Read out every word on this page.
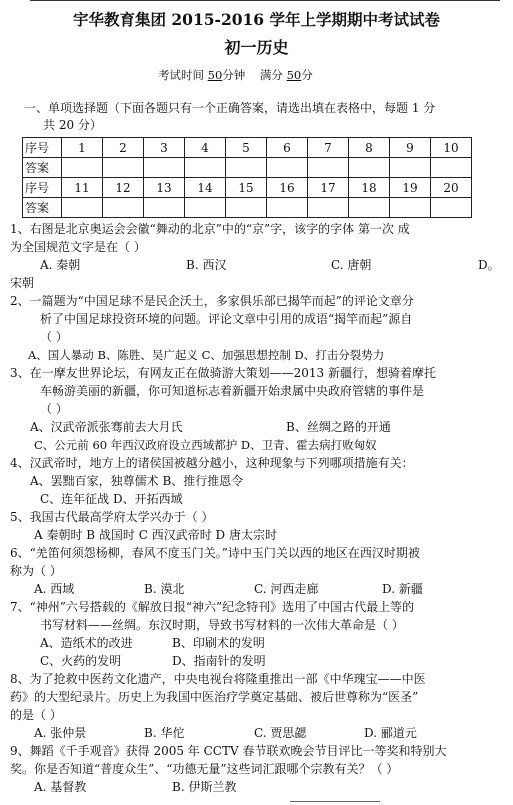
宇华教育集团 2015-2016 学年上学期期中考试试卷
初一历史
考试时间 50分钟 满分 50分
一、单项选择题（下面各题只有一个正确答案，请选出填在表格中，每题 1 分
共 20 分）
序号	1	2	3	4	5	6	7	8	9	10
答案										
序号	11	12	13	14	15	16	17	18	19	20
答案										
1、右图是北京奥运会会徽“舞动的北京”中的“京”字，该字的字体 第一次 成
为全国规范文字是在（ ）
A. 秦朝	B. 西汉	C. 唐朝	D。
宋朝
2、一篇题为“中国足球不是民企沃土，多家俱乐部已揭竿而起”的评论文章分
析了中国足球投资环境的问题。评论文章中引用的成语“揭竿而起”源自
（ ）
A、国人暴动 B、陈胜、吴广起义 C、加强思想控制 D、打击分裂势力
3、在一摩友世界论坛，有网友正在做骑游大策划——2013 新疆行，想骑着摩托
车畅游美丽的新疆，你可知道标志着新疆开始隶属中央政府管辖的事件是
（ ）
A、汉武帝派张骞前去大月氏	B、丝绸之路的开通
C、公元前 60 年西汉政府设立西域都护 D、卫青、霍去病打败匈奴
4、汉武帝时，地方上的诸侯国被越分越小，这种现象与下列哪项措施有关：
A、罢黜百家，独尊儒术 B、推行推恩令
C、连年征战 D、开拓西域
5、我国古代最高学府太学兴办于（ ）
A 秦朝时 B 战国时 C 西汉武帝时 D 唐太宗时
6、“羌笛何须怨杨柳，春风不度玉门关。”诗中玉门关以西的地区在西汉时期被
称为（ ）
A. 西域	B. 漠北	C. 河西走廊	D. 新疆
7、“神州”六号搭载的《解放日报“神六”纪念特刊》选用了中国古代最上等的
书写材料——丝绸。东汉时期，导致书写材料的一次伟大革命是（ ）
A、造纸术的改进	B、印刷术的发明
C、火药的发明	D、指南针的发明
8、为了抢救中医药文化遗产，中央电视台将隆重推出一部《中华瑰宝——中医
药》的大型纪录片。历史上为我国中医治疗学奠定基础、被后世尊称为“医圣”
的是（ ）
A. 张仲景	B. 华佗	C. 贾思勰	D. 郦道元
9、舞蹈《千手观音》获得 2005 年 CCTV 春节联欢晚会节目评比一等奖和特别大
奖。你是否知道“普度众生”、“功德无量”这些词汇跟哪个宗教有关？（ ）
A. 基督教	B. 伊斯兰教
